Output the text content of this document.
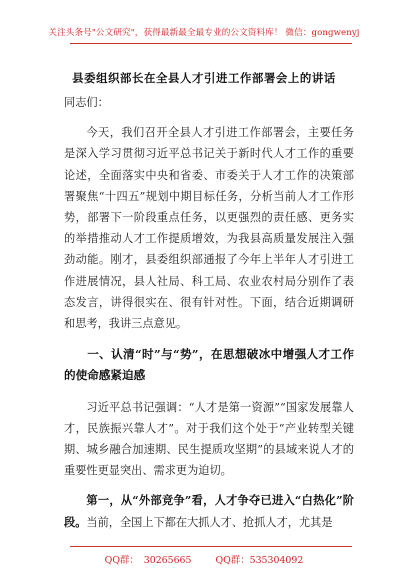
关注头条号"公文研究"，获得最新最全最专业的公文资料库！ 微信：gongwenyj
县委组织部长在全县人才引进工作部署会上的讲话

同志们：

今天，我们召开全县人才引进工作部署会，主要任务是深入学习贯彻习近平总书记关于新时代人才工作的重要论述，全面落实中央和省委、市委关于人才工作的决策部署聚焦“十四五”规划中期目标任务，分析当前人才工作形势，部署下一阶段重点任务，以更强烈的责任感、更务实的举措推动人才工作提质增效，为我县高质量发展注入强劲动能。刚才，县委组织部通报了今年上半年人才引进工作进展情况，县人社局、科工局、农业农村局分别作了表态发言，讲得很实在、很有针对性。下面，结合近期调研和思考，我讲三点意见。

一、认清“时”与“势”，在思想破冰中增强人才工作的使命感紧迫感

习近平总书记强调：“人才是第一资源”“国家发展靠人才，民族振兴靠人才”。对于我们这个处于“产业转型关键期、城乡融合加速期、民生提质攻坚期”的县域来说人才的重要性更显突出、需求更为迫切。

第一，从“外部竞争”看，人才争夺已进入“白热化”阶段。当前，全国上下都在大抓人才、抢抓人才，尤其是

QQ群： 30265665	QQ群：535304092
